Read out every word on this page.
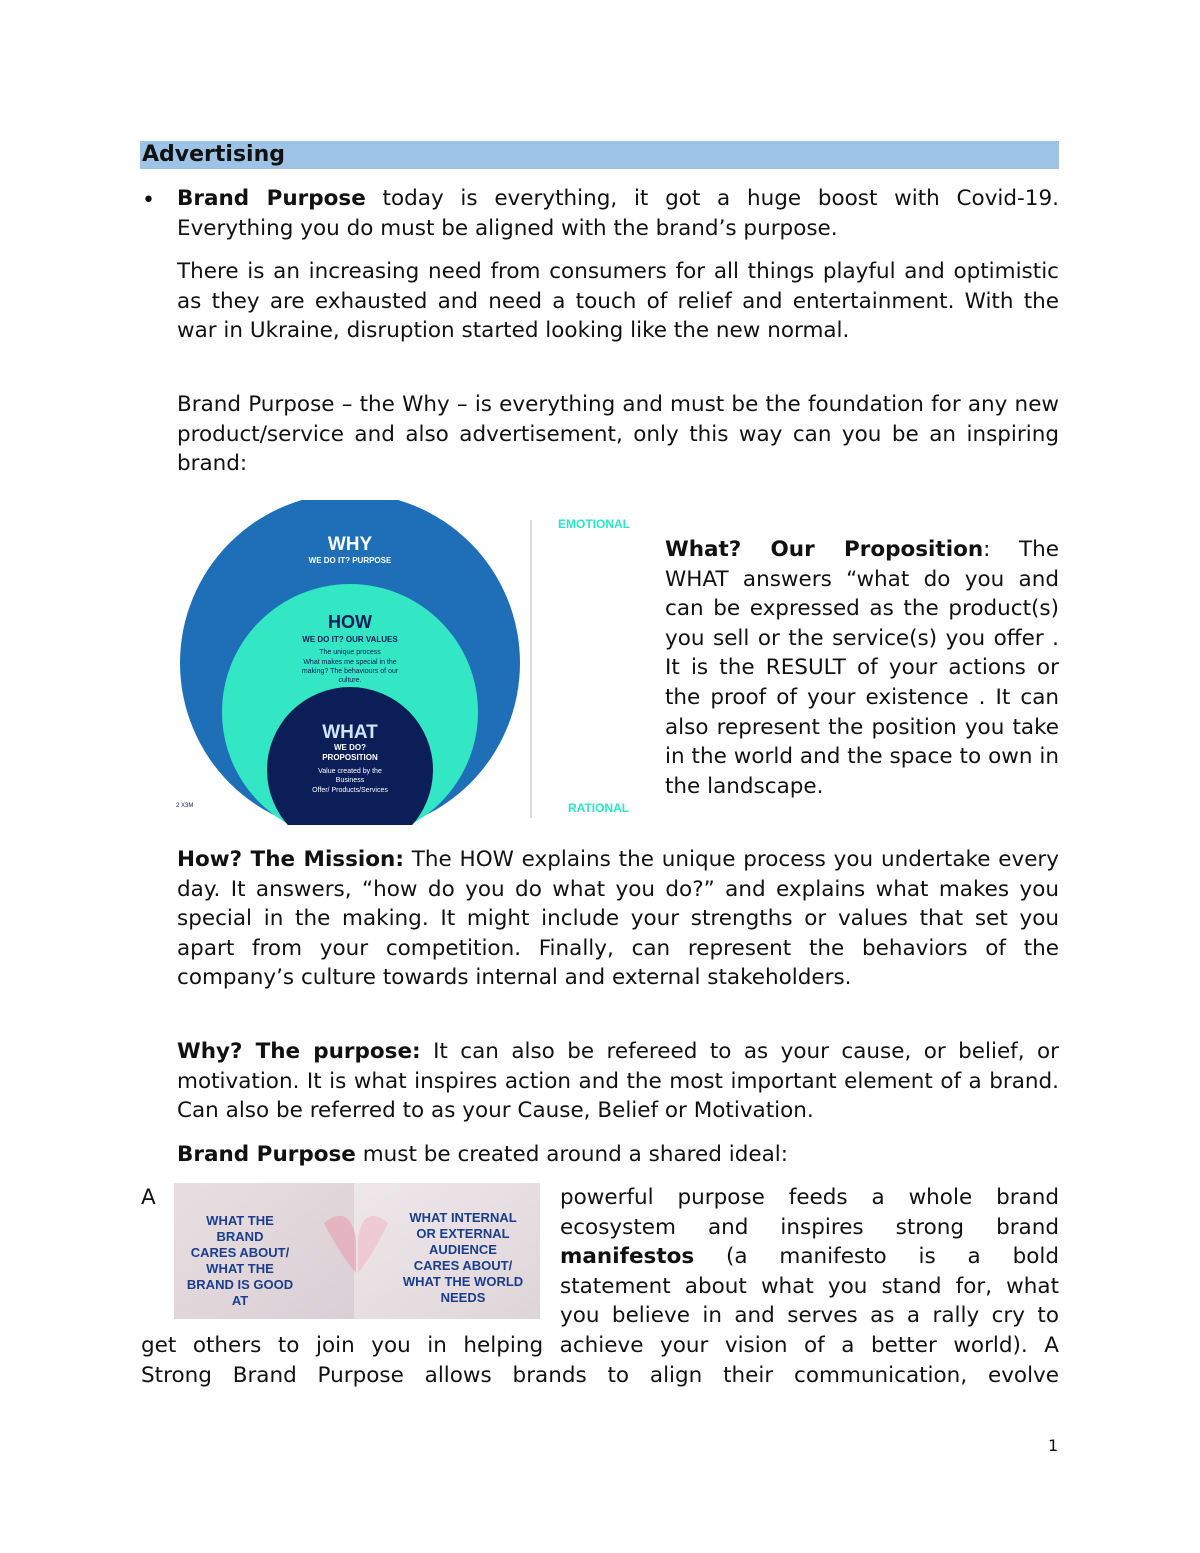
Advertising
• Brand Purpose today is everything, it got a huge boost with Covid-19. Everything you do must be aligned with the brand’s purpose.

There is an increasing need from consumers for all things playful and optimistic as they are exhausted and need a touch of relief and entertainment. With the war in Ukraine, disruption started looking like the new normal.

Brand Purpose – the Why – is everything and must be the foundation for any new product/service and also advertisement, only this way can you be an inspiring brand:

WHY
WE DO IT? PURPOSE
HOW
WE DO IT? OUR VALUES
The unique process
What makes me special in the
making? The behaviours of our
culture.
WHAT
WE DO?
PROPOSITION
Value created by the
Business
Offer/ Products/Services
2 X3M
EMOTIONAL
RATIONAL

What? Our Proposition: The WHAT answers “what do you and can be expressed as the product(s) you sell or the service(s) you offer . It is the RESULT of your actions or the proof of your existence . It can also represent the position you take in the world and the space to own in the landscape.

How? The Mission: The HOW explains the unique process you undertake every day. It answers, “how do you do what you do?” and explains what makes you special in the making. It might include your strengths or values that set you apart from your competition. Finally, can represent the behaviors of the company’s culture towards internal and external stakeholders.

Why? The purpose: It can also be refereed to as your cause, or belief, or motivation. It is what inspires action and the most important element of a brand. Can also be referred to as your Cause, Belief or Motivation.

Brand Purpose must be created around a shared ideal:

WHAT THE
BRAND
CARES ABOUT/
WHAT THE
BRAND IS GOOD
AT
WHAT INTERNAL
OR EXTERNAL
AUDIENCE
CARES ABOUT/
WHAT THE WORLD
NEEDS
A	powerful purpose feeds a whole brand
ecosystem and inspires strong brand
manifestos (a manifesto is a bold
statement about what you stand for, what
you believe in and serves as a rally cry to
get others to join you in helping achieve your vision of a better world). A
Strong Brand Purpose allows brands to align their communication, evolve
1
